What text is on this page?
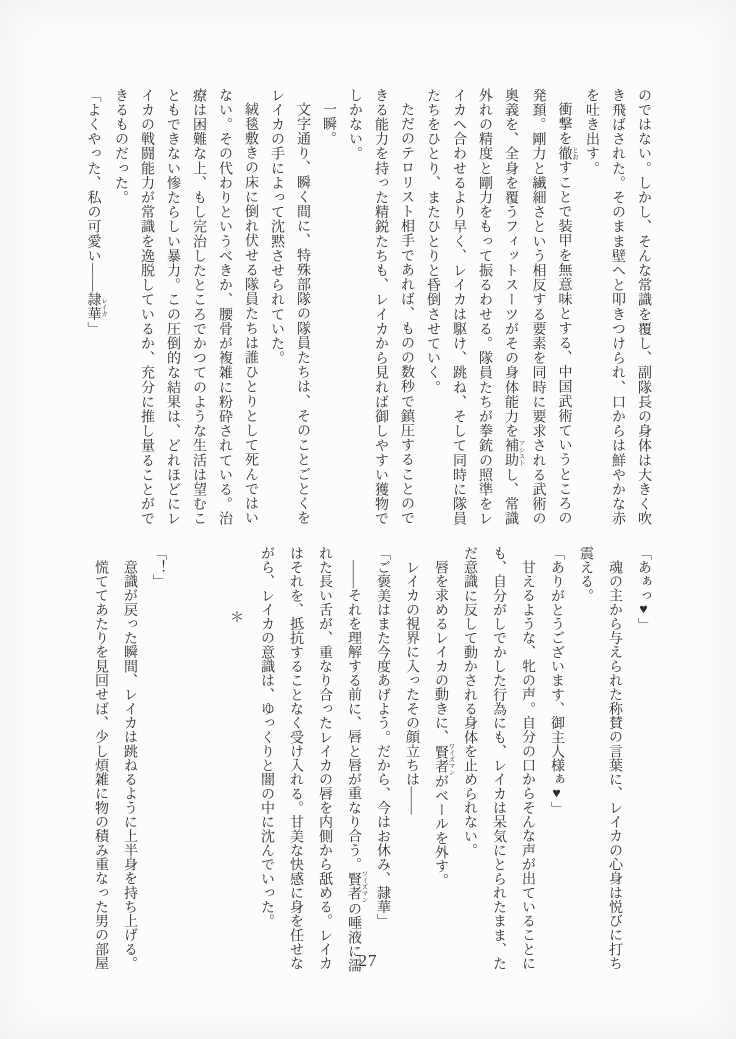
のではない。しかし、そんな常識を覆し、副隊長の身体は大きく吹
き飛ばされた。そのまま壁へと叩きつけられ、口からは鮮やかな赤
を吐き出す。
衝撃を徹 とおすことで装甲を無意味とする、中国武術ていうところの
発頚。剛力と繊細さという相反する要素を同時に要求される武術の
奥義を、全身を覆うフィットスーツがその身体能力を補助 アシストし、常識
外れの精度と剛力をもって振るわせる。隊員たちが拳銃の照準をレ
イカへ合わせるより早く、レイカは駆け、跳ね、そして同時に隊員
たちをひとり、またひとりと昏倒させていく。
ただのテロリスト相手であれば、ものの数秒で鎮圧することので
きる能力を持った精鋭たちも、レイカから見れば御しやすい獲物で
しかない。
一瞬。
文字通り、瞬く間に、特殊部隊の隊員たちは、そのことごとくを
レイカの手によって沈黙させられていた。
絨毯敷きの床に倒れ伏せる隊員たちは誰ひとりとして死んではい
ない。その代わりというべきか、腰骨が複雑に粉砕されている。治
療は困難な上、もし完治したところでかつてのような生活は望むこ
ともできない惨たらしい暴力。この圧倒的な結果は、どれほどにレ
イカの戦闘能力が常識を逸脱しているか、充分に推し量ることがで
きるものだった。
「よくやった、私の可愛い――隷華 レイカ」
「あぁっ♥」
魂の主から与えられた称賛の言葉に、レイカの心身は悦びに打ち
震える。
「ありがとうございます、御主人様ぁ♥」
甘えるような、牝の声。自分の口からそんな声が出ていることに
も、自分がしでかした行為にも、レイカは呆気にとられたまま、た
だ意識に反して動かされる身体を止められない。
唇を求めるレイカの動きに、賢者 ワイズマンがベールを外す。
レイカの視界に入ったその顔立ちは――
「ご褒美はまた今度あげよう。だから、今はお休み、隷華」
――それを理解する前に、唇と唇が重なり合う。賢者 ワイズマンの唾液に濡
れた長い舌が、重なり合ったレイカの唇を内側から舐める。レイカ
はそれを、抵抗することなく受け入れる。甘美な快感に身を任せな
がら、レイカの意識は、ゆっくりと闇の中に沈んでいった。
＊
「！」
意識が戻った瞬間、レイカは跳ねるように上半身を持ち上げる。
慌ててあたりを見回せば、少し煩雑に物の積み重なった男の部屋	27
